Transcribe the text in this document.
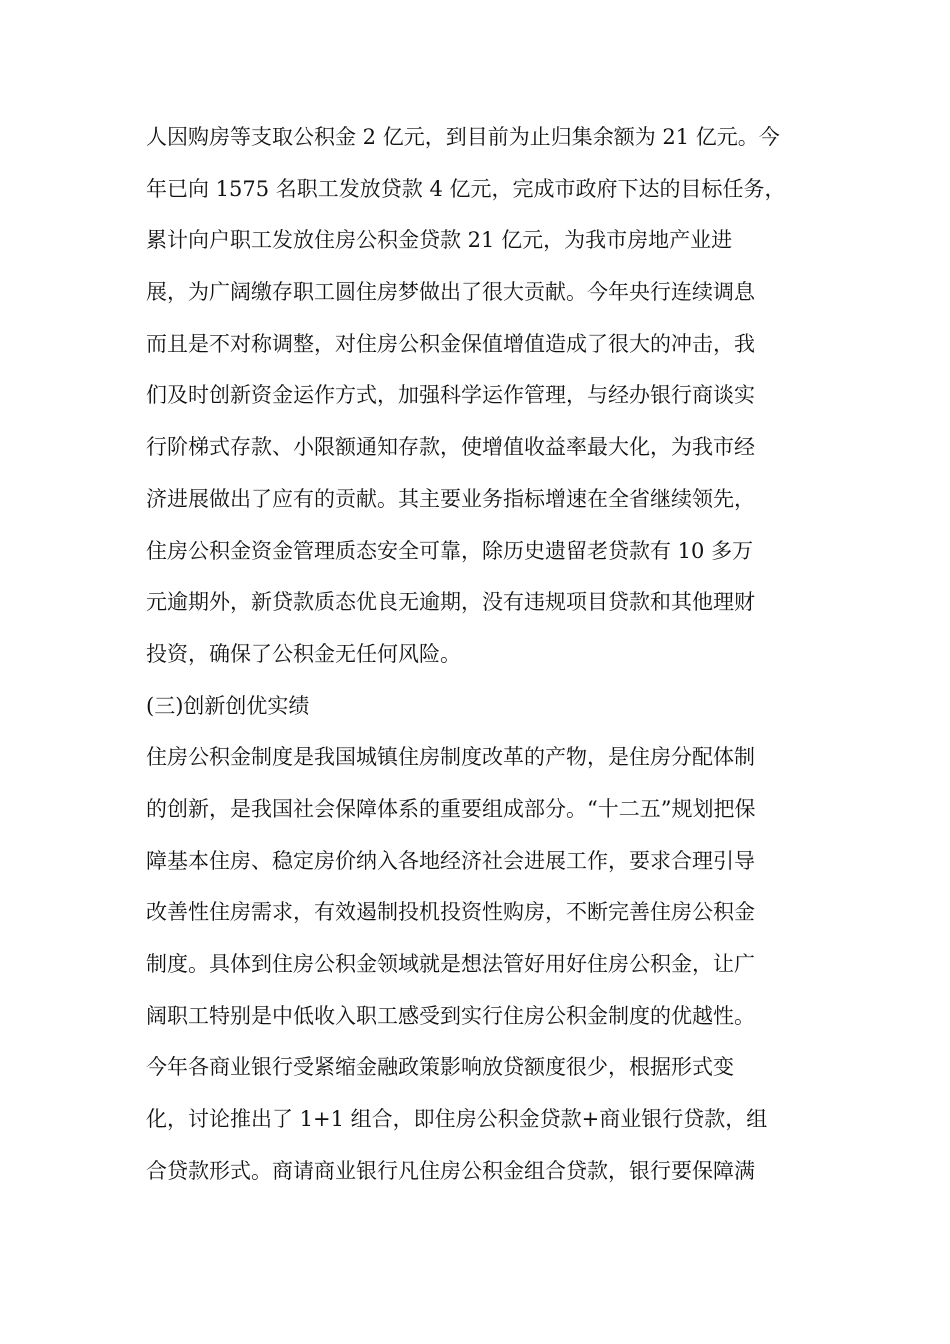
人因购房等支取公积金 2 亿元，到目前为止归集余额为 21 亿元。今
年已向 1575 名职工发放贷款 4 亿元，完成市政府下达的目标任务，
累计向户职工发放住房公积金贷款 21 亿元，为我市房地产业进
展，为广阔缴存职工圆住房梦做出了很大贡献。今年央行连续调息
而且是不对称调整，对住房公积金保值增值造成了很大的冲击，我
们及时创新资金运作方式，加强科学运作管理，与经办银行商谈实
行阶梯式存款、小限额通知存款，使增值收益率最大化，为我市经
济进展做出了应有的贡献。其主要业务指标增速在全省继续领先，
住房公积金资金管理质态安全可靠，除历史遗留老贷款有 10 多万
元逾期外，新贷款质态优良无逾期，没有违规项目贷款和其他理财
投资，确保了公积金无任何风险。
(三)创新创优实绩
住房公积金制度是我国城镇住房制度改革的产物，是住房分配体制
的创新，是我国社会保障体系的重要组成部分。“十二五”规划把保
障基本住房、稳定房价纳入各地经济社会进展工作，要求合理引导
改善性住房需求，有效遏制投机投资性购房，不断完善住房公积金
制度。具体到住房公积金领域就是想法管好用好住房公积金，让广
阔职工特别是中低收入职工感受到实行住房公积金制度的优越性。
今年各商业银行受紧缩金融政策影响放贷额度很少，根据形式变
化，讨论推出了 1+1 组合，即住房公积金贷款+商业银行贷款，组
合贷款形式。商请商业银行凡住房公积金组合贷款，银行要保障满
